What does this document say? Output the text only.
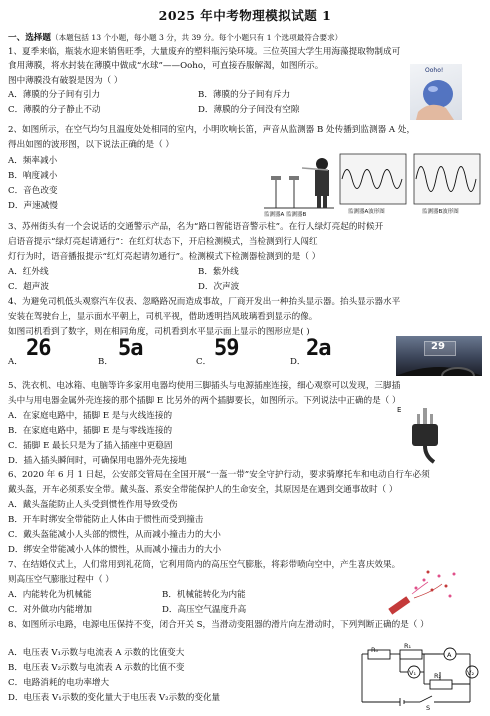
2025 年中考物理模拟试题 1
一、选择题（本题包括 13 个小题，每小题 3 分，共 39 分。每个小题只有 1 个选项最符合要求）
1、夏季来临，瓶装水迎来销售旺季，大量废弃的塑料瓶污染环境。三位英国大学生用海藻提取物制成可
食用薄膜，将水封装在薄膜中做成“水球”——Ooho，可直接吞服解渴，如图所示。
图中薄膜没有破裂是因为（ ）
A．薄膜的分子间有引力	B．薄膜的分子间有斥力
C．薄膜的分子静止不动	D．薄膜的分子间没有空隙
Ooho!
2、如图所示，在空气均匀且温度处处相同的室内，小明吹响长笛，声音从监测器 B 处传播到监测器 A 处，
得出如图的波形图，以下说法正确的是（ ）
A．频率减小
B．响度减小
C．音色改变
D．声速减慢
监测器A 监测器B	监测器A波形图	监测器B波形图
3、苏州街头有一个会说话的交通警示产品，名为“路口智能语音警示柱”。在行人绿灯亮起的时候开
启语音提示“绿灯亮起请通行”：在红灯状态下，开启检测模式，当检测到行人闯红
灯行为时，语音播报提示“红灯亮起请勿通行”。检测模式下检测器检测到的是（ ）
A．红外线	B．紫外线
C．超声波	D．次声波
4、为避免司机低头观察汽车仪表、忽略路况而造成事故，厂商开发出一种抬头显示器。抬头显示器水平
安装在驾驶台上，显示面水平朝上，司机平视，借助透明挡风玻璃看到显示的像。
如图司机看到了数字，则在相同角度，司机看到水平显示面上显示的图形应是( )
A．
26
B．
5a
C．
59
D．
2a	29
5、洗衣机、电冰箱、电脑等许多家用电器均使用三脚插头与电源插座连接，细心观察可以发现，三脚插
头中与用电器金属外壳连接的那个插脚 E 比另外的两个插脚要长，如图所示。下列说法中正确的是（ ）
A．在家庭电路中，插脚 E 是与火线连接的
B．在家庭电路中，插脚 E 是与零线连接的
C．插脚 E 最长只是为了插入插座中更稳固
D．插入插头瞬间时，可确保用电器外壳先接地
E
6、2020 年 6 月 1 日起，公安部交管局在全国开展“一盔一带”安全守护行动，要求骑摩托车和电动自行车必须
戴头盔，开车必须系安全带。戴头盔、系安全带能保护人的生命安全，其原因是在遇到交通事故时（ ）
A．戴头盔能防止人头受到惯性作用导致受伤
B．开车时绑安全带能防止人体由于惯性而受到撞击
C．戴头盔能减小人头部的惯性，从而减小撞击力的大小
D．绑安全带能减小人体的惯性，从而减小撞击力的大小
7、在结婚仪式上，人们常用到礼花筒，它利用筒内的高压空气膨胀，将彩带喷向空中，产生喜庆效果。
则高压空气膨胀过程中（ ）
A．内能转化为机械能	B．机械能转化为内能
C．对外做功内能增加	D．高压空气温度升高
8、如图所示电路，电源电压保持不变，闭合开关 S，当滑动变阻器的滑片向左滑动时，下列判断正确的是（ ）
A．电压表 V₁示数与电流表 A 示数的比值变大
B．电压表 V₂示数与电流表 A 示数的比值不变
C．电路消耗的电功率增大
D．电压表 V₁示数的变化量大于电压表 V₂示数的变化量
R₀	R₁
R₂
V₁	V₂
A
S
